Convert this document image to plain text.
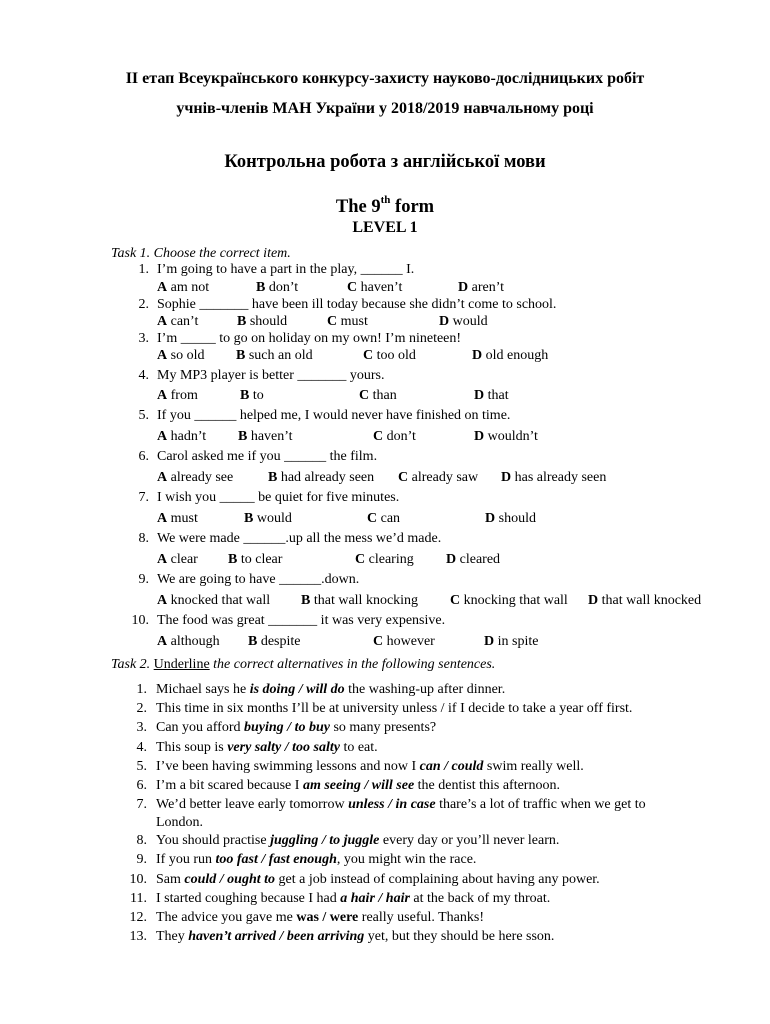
II етап Всеукраїнського конкурсу-захисту науково-дослідницьких робіт
учнів-членів МАН України у 2018/2019 навчальному році
Контрольна робота з англійської мови
The 9th form
LEVEL 1
Task 1. Choose the correct item.
1. I’m going to have a part in the play, ______ I.
A am not	B don’t	C haven’t	D aren’t
2. Sophie _______ have been ill today because she didn’t come to school.
A can’t	B should	C must	D would
3. I’m _____ to go on holiday on my own! I’m nineteen!
A so old B such an old	C too old	D old enough
4. My MP3 player is better _______ yours.
A from	B to	C than	D that
5. If you ______ helped me, I would never have finished on time.
A hadn’t B haven’t	C don’t	D wouldn’t
6. Carol asked me if you ______ the film.
A already see B had already seen C already saw D has already seen
7. I wish you _____ be quiet for five minutes.
A must	B would	C can	D should
8. We were made ______.up all the mess we’d made.
A clear B to clear	C clearing D cleared
9. We are going to have ______.down.
A knocked that wall B that wall knocking C knocking that wall D that wall knocked
10. The food was great _______ it was very expensive.
A although B despite	C however	D in spite
Task 2. Underline the correct alternatives in the following sentences.
1. Michael says he is doing / will do the washing-up after dinner.
2. This time in six months I’ll be at university unless / if I decide to take a year off first.
3. Can you afford buying / to buy so many presents?
4. This soup is very salty / too salty to eat.
5. I’ve been having swimming lessons and now I can / could swim really well.
6. I’m a bit scared because I am seeing / will see the dentist this afternoon.
7. We’d better leave early tomorrow unless / in case thare’s a lot of traffic when we get to
London.
8. You should practise juggling / to juggle every day or you’ll never learn.
9. If you run too fast / fast enough, you might win the race.
10. Sam could / ought to get a job instead of complaining about having any power.
11. I started coughing because I had a hair / hair at the back of my throat.
12. The advice you gave me was / were really useful. Thanks!
13. They haven’t arrived / been arriving yet, but they should be here sson.
